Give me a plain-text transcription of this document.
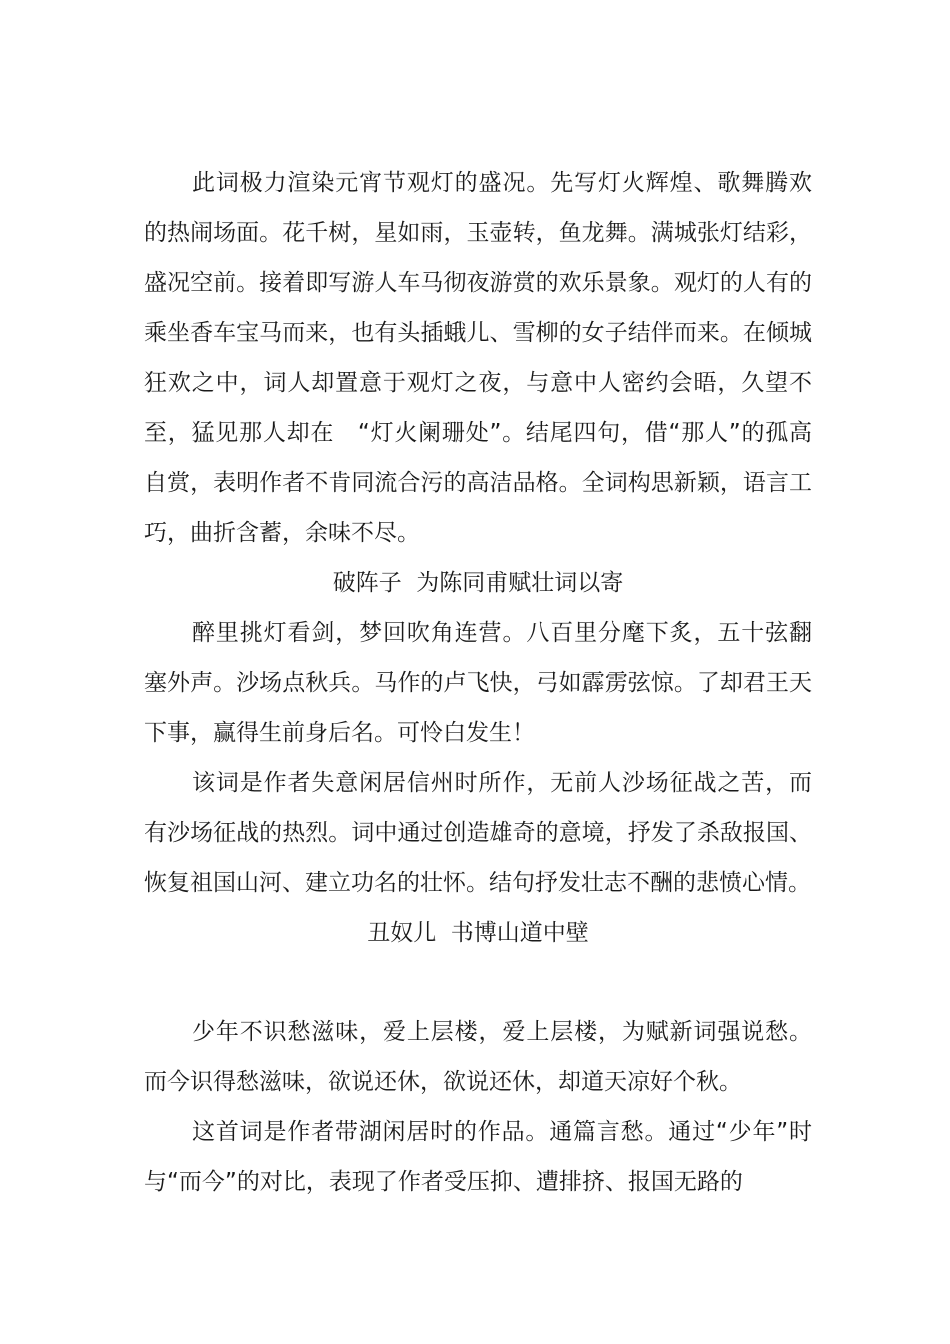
此词极力渲染元宵节观灯的盛况。先写灯火辉煌、歌舞腾欢的热闹场面。花千树，星如雨，玉壶转，鱼龙舞。满城张灯结彩，盛况空前。接着即写游人车马彻夜游赏的欢乐景象。观灯的人有的乘坐香车宝马而来，也有头插蛾儿、雪柳的女子结伴而来。在倾城狂欢之中，词人却置意于观灯之夜，与意中人密约会晤，久望不至，猛见那人却在　“灯火阑珊处”。结尾四句，借“那人”的孤高自赏，表明作者不肯同流合污的高洁品格。全词构思新颖，语言工巧，曲折含蓄，余味不尽。

破阵子  为陈同甫赋壮词以寄

醉里挑灯看剑，梦回吹角连营。八百里分麾下炙，五十弦翻塞外声。沙场点秋兵。马作的卢飞快，弓如霹雳弦惊。了却君王天下事，赢得生前身后名。可怜白发生！

该词是作者失意闲居信州时所作，无前人沙场征战之苦，而有沙场征战的热烈。词中通过创造雄奇的意境，抒发了杀敌报国、恢复祖国山河、建立功名的壮怀。结句抒发壮志不酬的悲愤心情。

丑奴儿  书博山道中壁

少年不识愁滋味，爱上层楼，爱上层楼，为赋新词强说愁。而今识得愁滋味，欲说还休，欲说还休，却道天凉好个秋。

这首词是作者带湖闲居时的作品。通篇言愁。通过“少年”时与“而今”的对比，表现了作者受压抑、遭排挤、报国无路的
